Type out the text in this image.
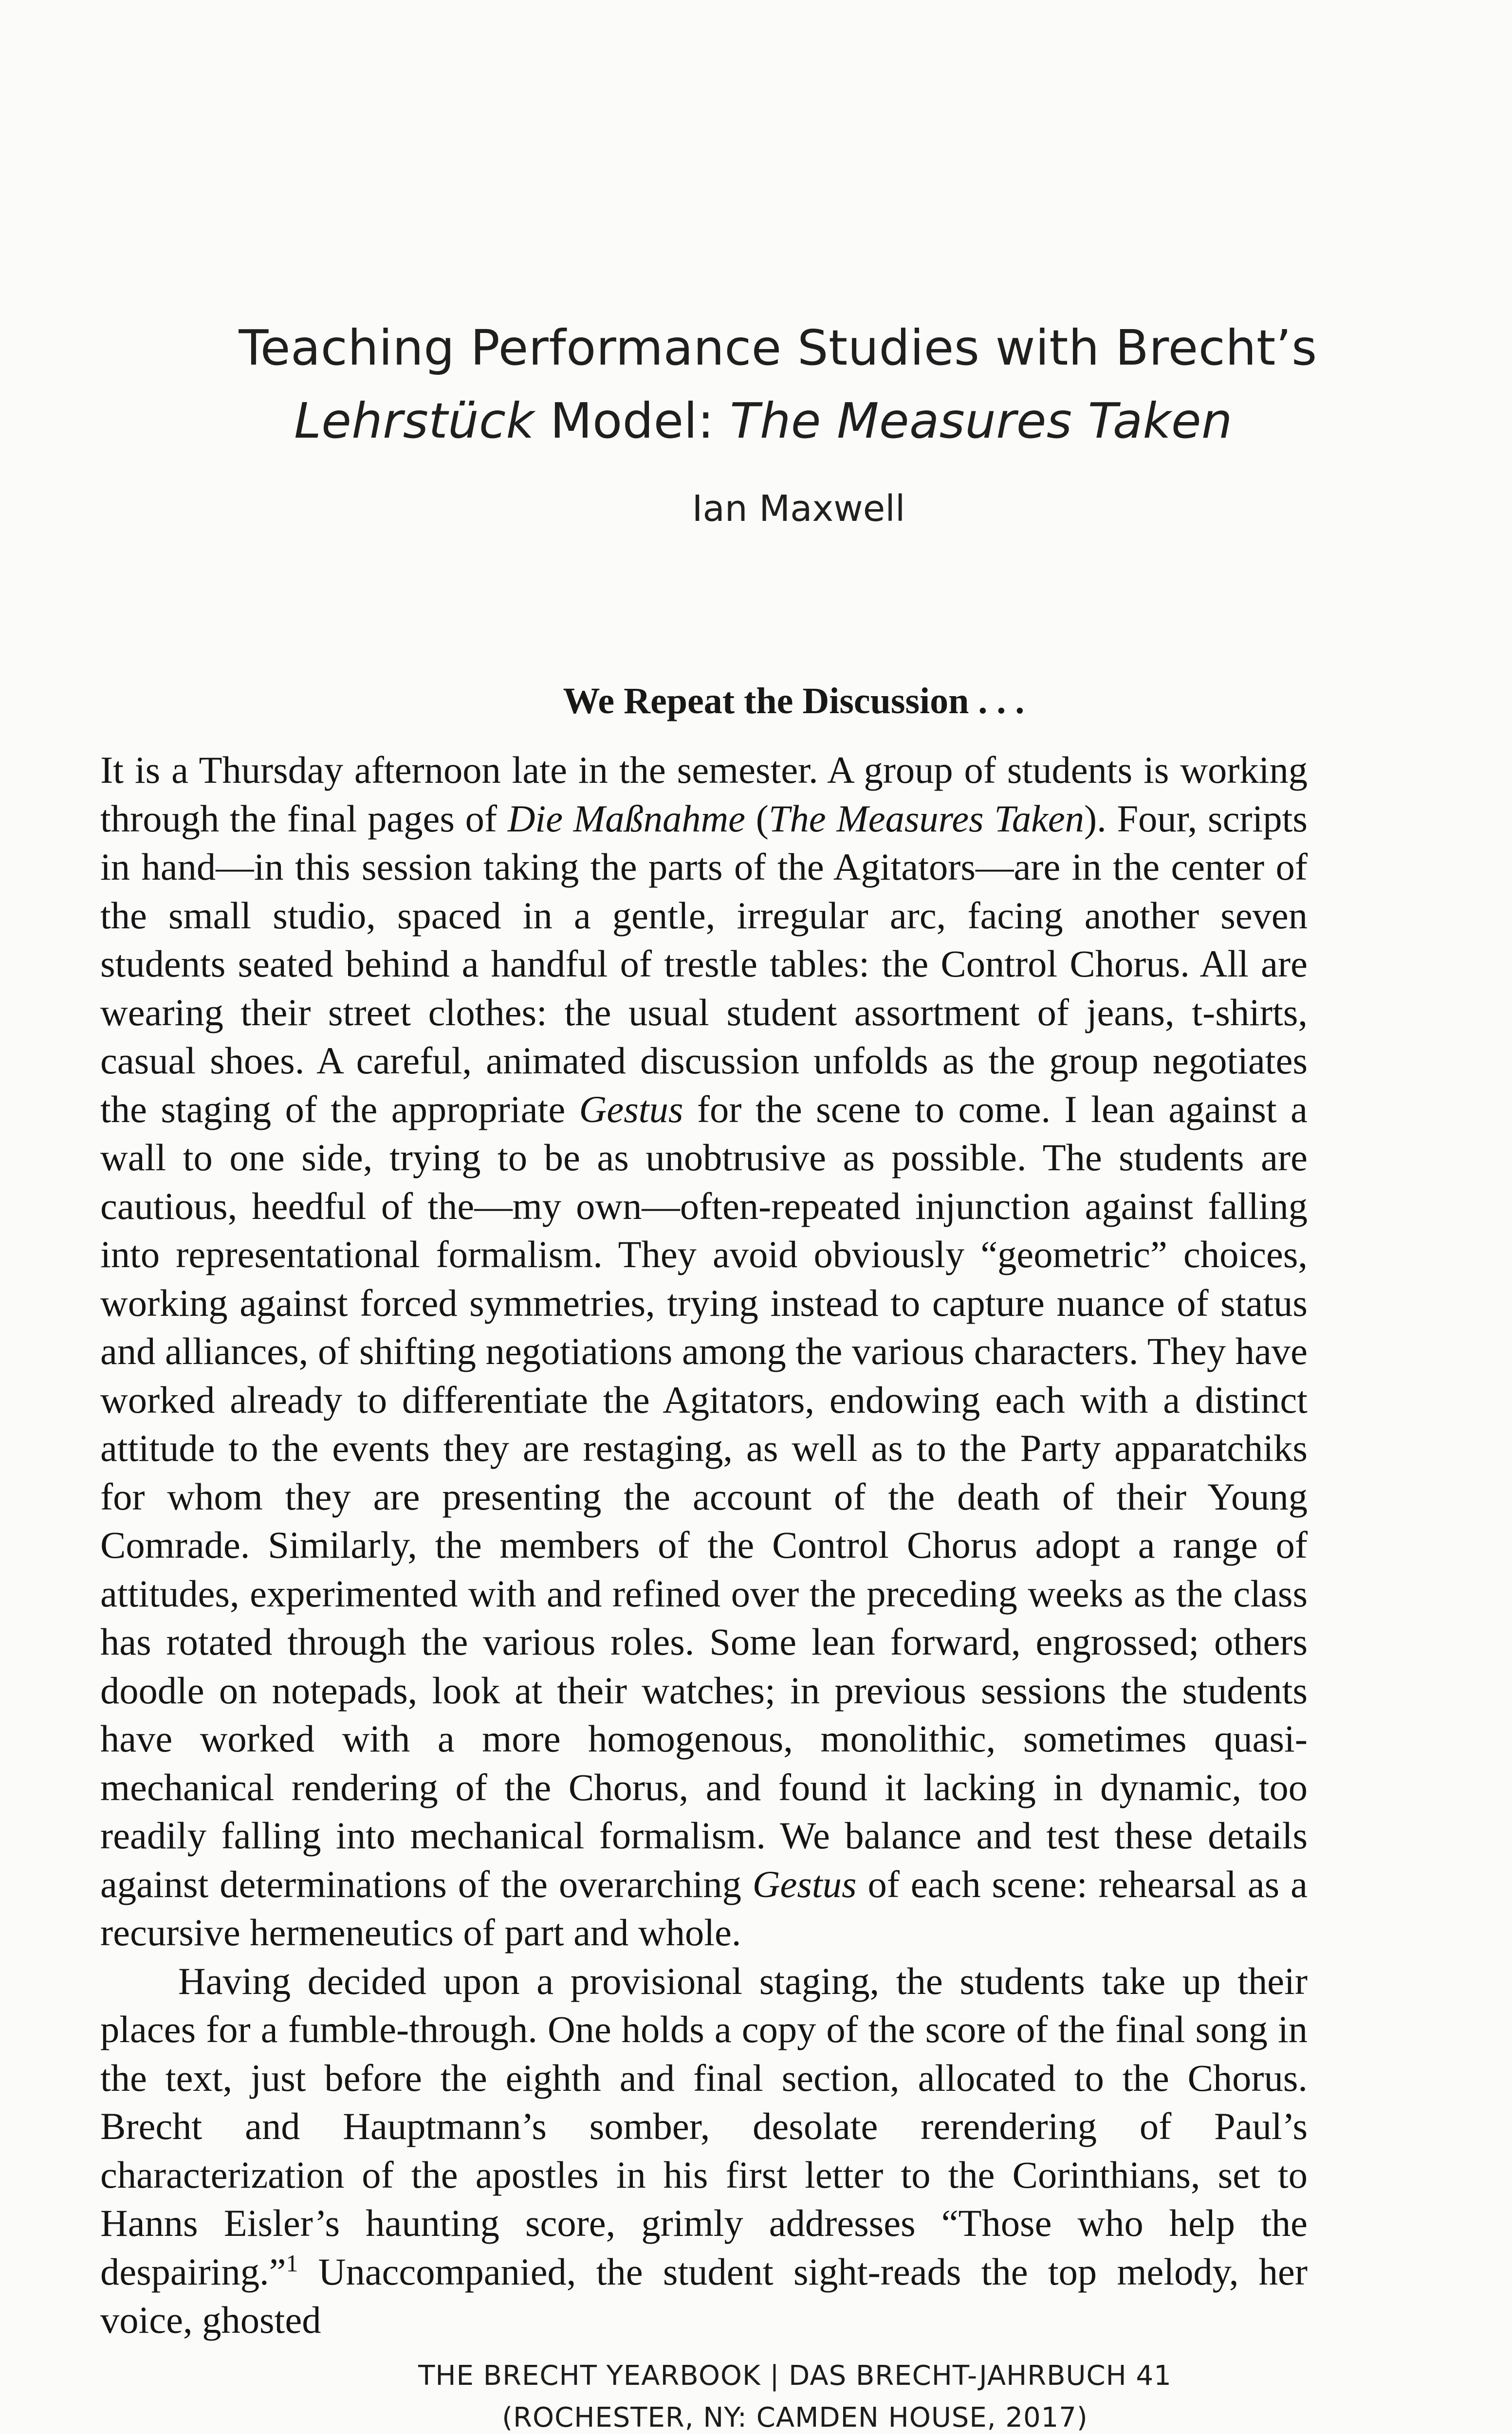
Teaching Performance Studies with Brecht’s
Lehrstück Model: The Measures Taken
Ian Maxwell
We Repeat the Discussion . . .

It is a Thursday afternoon late in the semester. A group of students is working through the final pages of Die Maßnahme (The Measures Taken). Four, scripts in hand—in this session taking the parts of the Agitators—are in the center of the small studio, spaced in a gentle, irregular arc, facing another seven students seated behind a handful of trestle tables: the Control Chorus. All are wearing their street clothes: the usual student assortment of jeans, t-shirts, casual shoes. A careful, animated discussion unfolds as the group negotiates the staging of the appropriate Gestus for the scene to come. I lean against a wall to one side, trying to be as unobtrusive as possible. The students are cautious, heedful of the—my own—often-repeated injunction against falling into representational formalism. They avoid obviously “geometric” choices, working against forced symmetries, trying instead to capture nuance of status and alliances, of shifting negotiations among the various characters. They have worked already to differentiate the Agitators, endowing each with a distinct attitude to the events they are restaging, as well as to the Party apparatchiks for whom they are presenting the account of the death of their Young Comrade. Similarly, the members of the Control Chorus adopt a range of attitudes, experimented with and refined over the preceding weeks as the class has rotated through the various roles. Some lean forward, engrossed; others doodle on notepads, look at their watches; in previous sessions the students have worked with a more homogenous, monolithic, sometimes quasi-mechanical rendering of the Chorus, and found it lacking in dynamic, too readily falling into mechanical formalism. We balance and test these details against determinations of the overarching Gestus of each scene: rehearsal as a recursive hermeneutics of part and whole.

Having decided upon a provisional staging, the students take up their places for a fumble-through. One holds a copy of the score of the final song in the text, just before the eighth and final section, allocated to the Chorus. Brecht and Hauptmann’s somber, desolate rerendering of Paul’s characterization of the apostles in his first letter to the Corinthians, set to Hanns Eisler’s haunting score, grimly addresses “Those who help the despairing.”$^1$ Unaccompanied, the student sight-reads the top melody, her voice, ghosted

THE BRECHT YEARBOOK | DAS BRECHT-JAHRBUCH 41
(ROCHESTER, NY: CAMDEN HOUSE, 2017)
